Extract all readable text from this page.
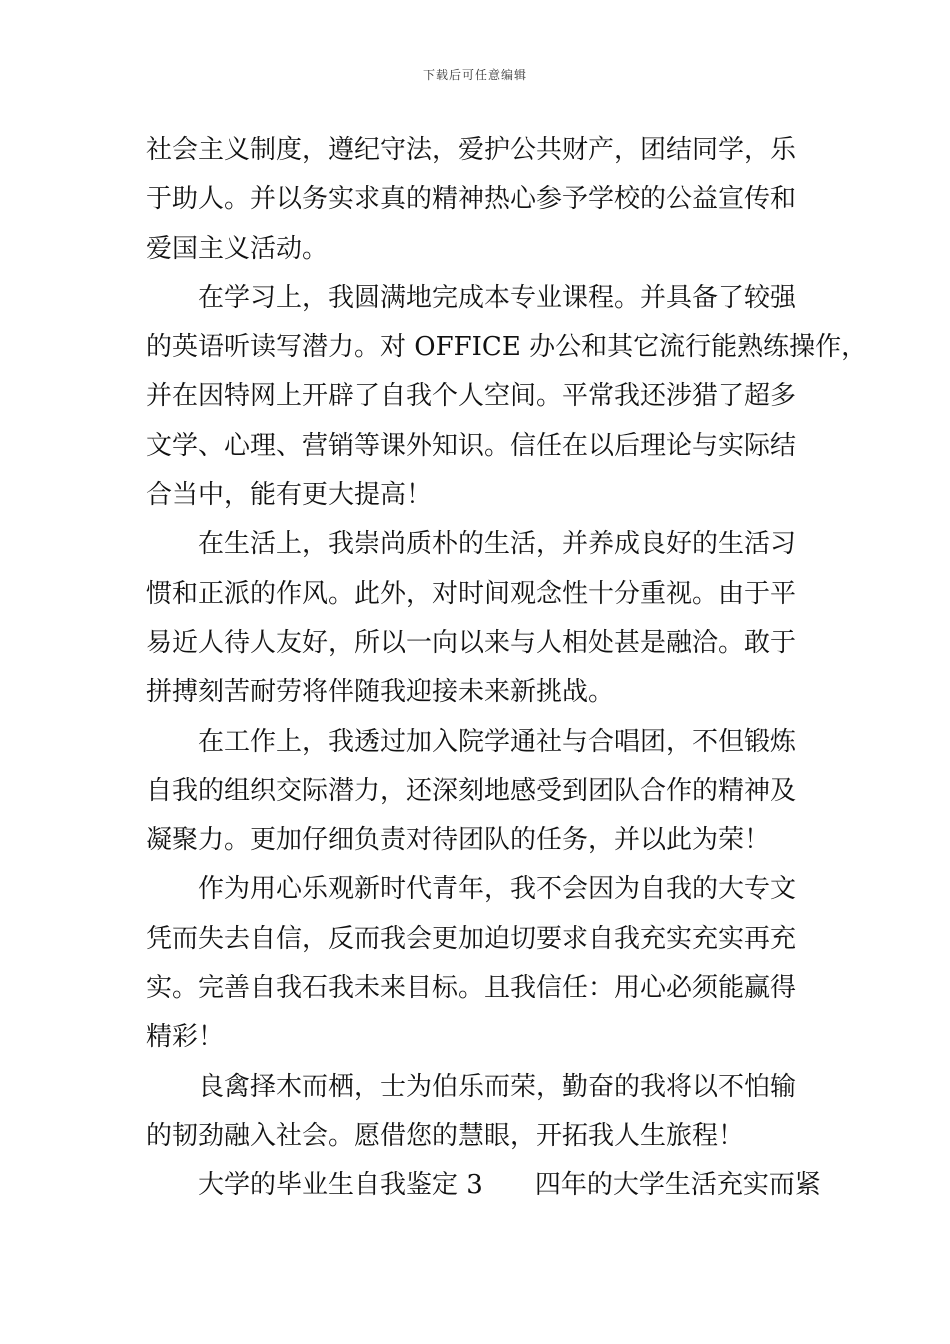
下载后可任意编辑
社会主义制度，遵纪守法，爱护公共财产，团结同学，乐
于助人。并以务实求真的精神热心参予学校的公益宣传和
爱国主义活动。
在学习上，我圆满地完成本专业课程。并具备了较强
的英语听读写潜力。对 OFFICE 办公和其它流行能熟练操作，
并在因特网上开辟了自我个人空间。平常我还涉猎了超多
文学、心理、营销等课外知识。信任在以后理论与实际结
合当中，能有更大提高！
在生活上，我崇尚质朴的生活，并养成良好的生活习
惯和正派的作风。此外，对时间观念性十分重视。由于平
易近人待人友好，所以一向以来与人相处甚是融洽。敢于
拼搏刻苦耐劳将伴随我迎接未来新挑战。
在工作上，我透过加入院学通社与合唱团，不但锻炼
自我的组织交际潜力，还深刻地感受到团队合作的精神及
凝聚力。更加仔细负责对待团队的任务，并以此为荣！
作为用心乐观新时代青年，我不会因为自我的大专文
凭而失去自信，反而我会更加迫切要求自我充实充实再充
实。完善自我石我未来目标。且我信任：用心必须能赢得
精彩！
良禽择木而栖，士为伯乐而荣，勤奋的我将以不怕输
的韧劲融入社会。愿借您的慧眼，开拓我人生旅程！
大学的毕业生自我鉴定 3 四年的大学生活充实而紧
